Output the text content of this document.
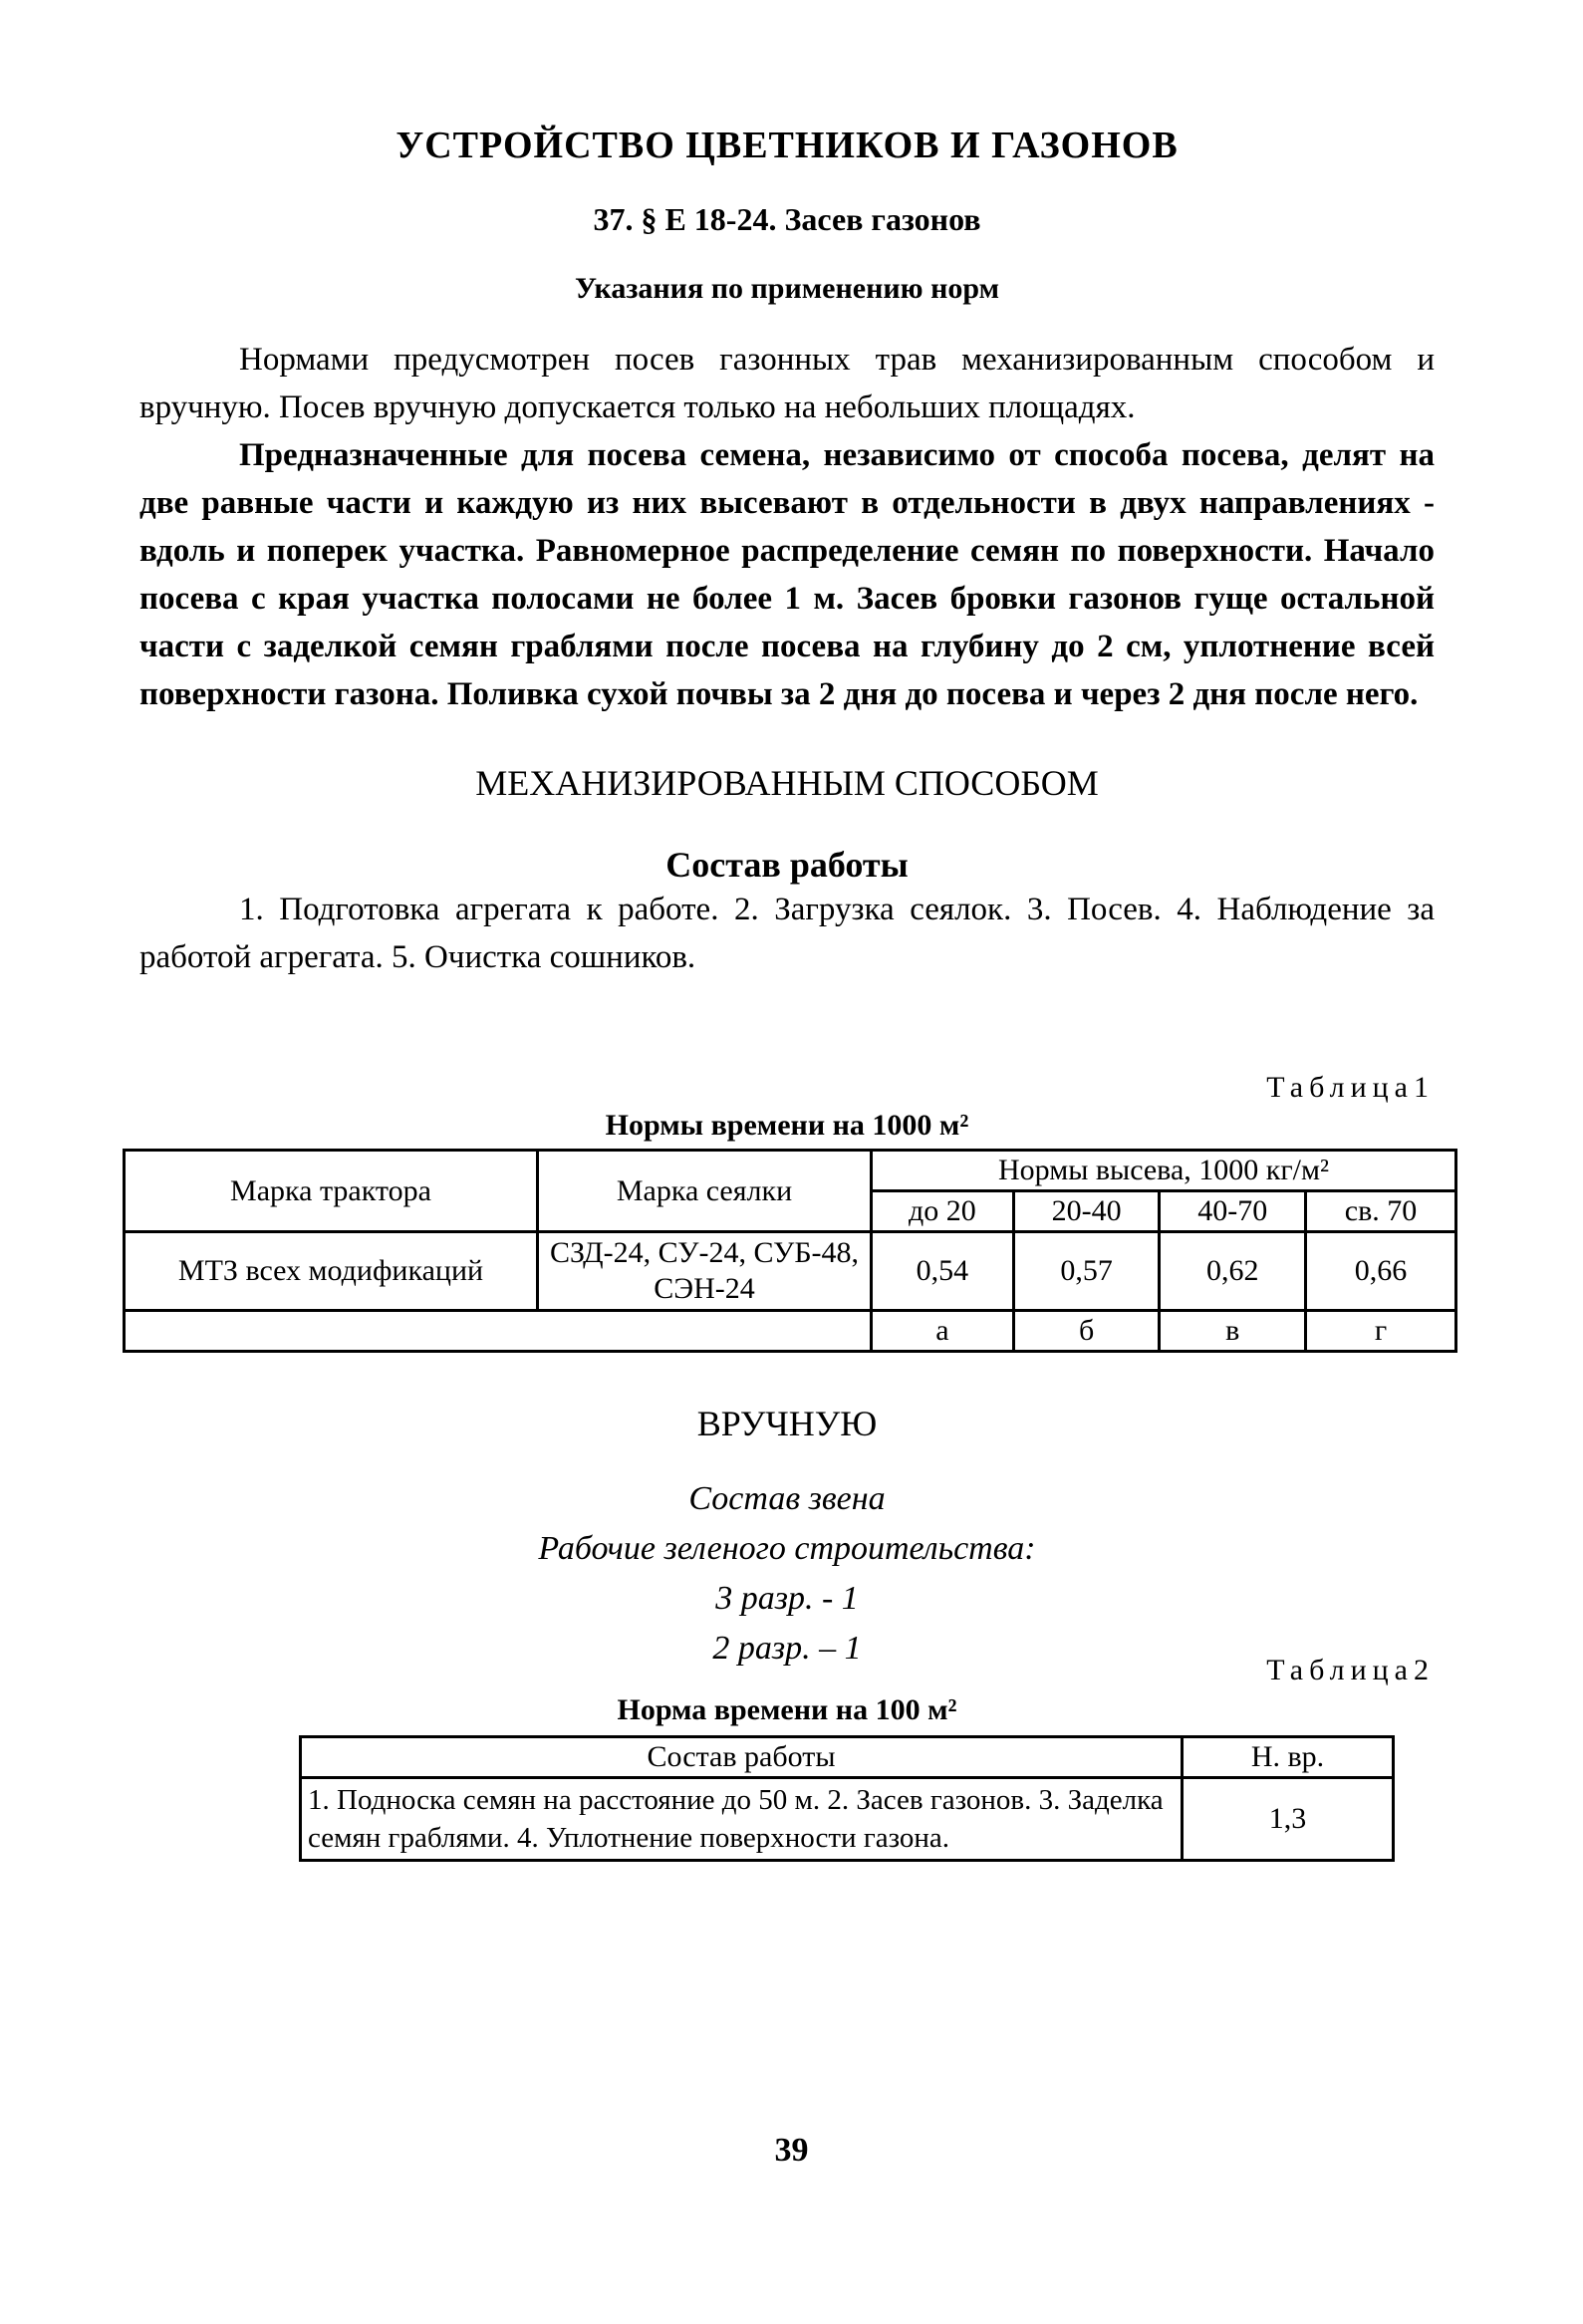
УСТРОЙСТВО ЦВЕТНИКОВ И ГАЗОНОВ

37. § Е 18-24. Засев газонов

Указания по применению норм

Нормами предусмотрен посев газонных трав механизированным способом и вручную. Посев вручную допускается только на небольших площадях.

Предназначенные для посева семена, независимо от способа посева, делят на две равные части и каждую из них высевают в отдельности в двух направлениях - вдоль и поперек участка. Равномерное распределение семян по поверхности. Начало посева с края участка полосами не более 1 м. Засев бровки газонов гуще остальной части с заделкой семян граблями после посева на глубину до 2 см, уплотнение всей поверхности газона. Поливка сухой почвы за 2 дня до посева и через 2 дня после него.

МЕХАНИЗИРОВАННЫМ СПОСОБОМ

Состав работы

1. Подготовка агрегата к работе. 2. Загрузка сеялок. 3. Посев. 4. Наблюдение за работой агрегата. 5. Очистка сошников.

Таблица1

Нормы времени на 1000 м²

Марка трактора	Марка сеялки	Нормы высева, 1000 кг/м²			
		до 20	20-40	40-70	св. 70
МТЗ всех модификаций	СЗД-24, СУ-24, СУБ-48, СЭН-24	0,54	0,57	0,62	0,66
		а	б	в	г

ВРУЧНУЮ

Состав звена

Рабочие зеленого строительства:

3 разр. - 1

2 разр. – 1

Таблица2

Норма времени на 100 м²

Состав работы	Н. вр.
1. Подноска семян на расстояние до 50 м. 2. Засев газонов. 3. Заделка семян граблями. 4. Уплотнение поверхности газона.	1,3
39
